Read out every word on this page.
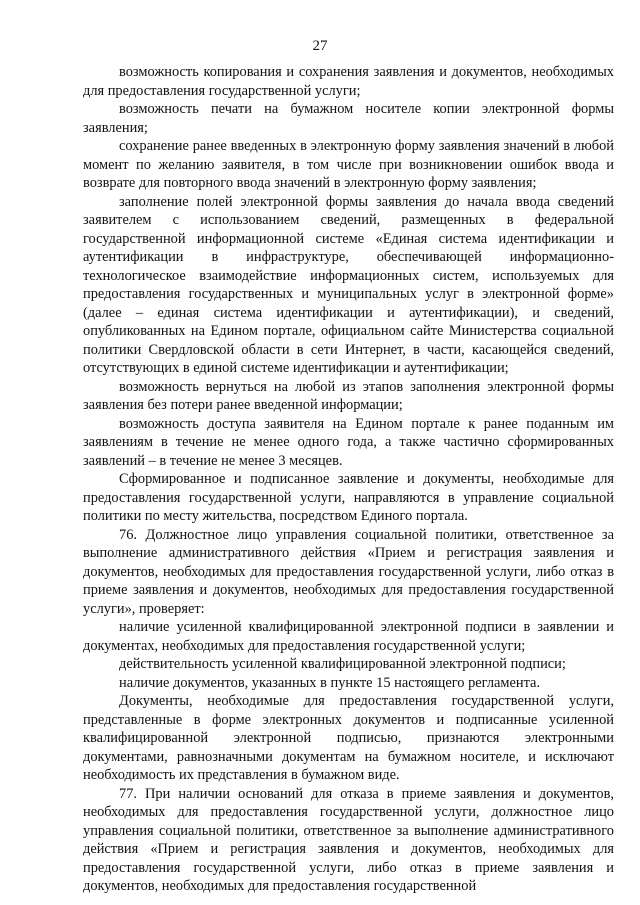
27

возможность копирования и сохранения заявления и документов, необходимых для предоставления государственной услуги;

возможность печати на бумажном носителе копии электронной формы заявления;

сохранение ранее введенных в электронную форму заявления значений в любой момент по желанию заявителя, в том числе при возникновении ошибок ввода и возврате для повторного ввода значений в электронную форму заявления;

заполнение полей электронной формы заявления до начала ввода сведений заявителем с использованием сведений, размещенных в федеральной государственной информационной системе «Единая система идентификации и аутентификации в инфраструктуре, обеспечивающей информационно-технологическое взаимодействие информационных систем, используемых для предоставления государственных и муниципальных услуг в электронной форме» (далее – единая система идентификации и аутентификации), и сведений, опубликованных на Едином портале, официальном сайте Министерства социальной политики Свердловской области в сети Интернет, в части, касающейся сведений, отсутствующих в единой системе идентификации и аутентификации;

возможность вернуться на любой из этапов заполнения электронной формы заявления без потери ранее введенной информации;

возможность доступа заявителя на Едином портале к ранее поданным им заявлениям в течение не менее одного года, а также частично сформированных заявлений – в течение не менее 3 месяцев.

Сформированное и подписанное заявление и документы, необходимые для предоставления государственной услуги, направляются в управление социальной политики по месту жительства, посредством Единого портала.

76. Должностное лицо управления социальной политики, ответственное за выполнение административного действия «Прием и регистрация заявления и документов, необходимых для предоставления государственной услуги, либо отказ в приеме заявления и документов, необходимых для предоставления государственной услуги», проверяет:

наличие усиленной квалифицированной электронной подписи в заявлении и документах, необходимых для предоставления государственной услуги;

действительность усиленной квалифицированной электронной подписи;

наличие документов, указанных в пункте 15 настоящего регламента.

Документы, необходимые для предоставления государственной услуги, представленные в форме электронных документов и подписанные усиленной квалифицированной электронной подписью, признаются электронными документами, равнозначными документам на бумажном носителе, и исключают необходимость их представления в бумажном виде.

77. При наличии оснований для отказа в приеме заявления и документов, необходимых для предоставления государственной услуги, должностное лицо управления социальной политики, ответственное за выполнение административного действия «Прием и регистрация заявления и документов, необходимых для предоставления государственной услуги, либо отказ в приеме заявления и документов, необходимых для предоставления государственной
